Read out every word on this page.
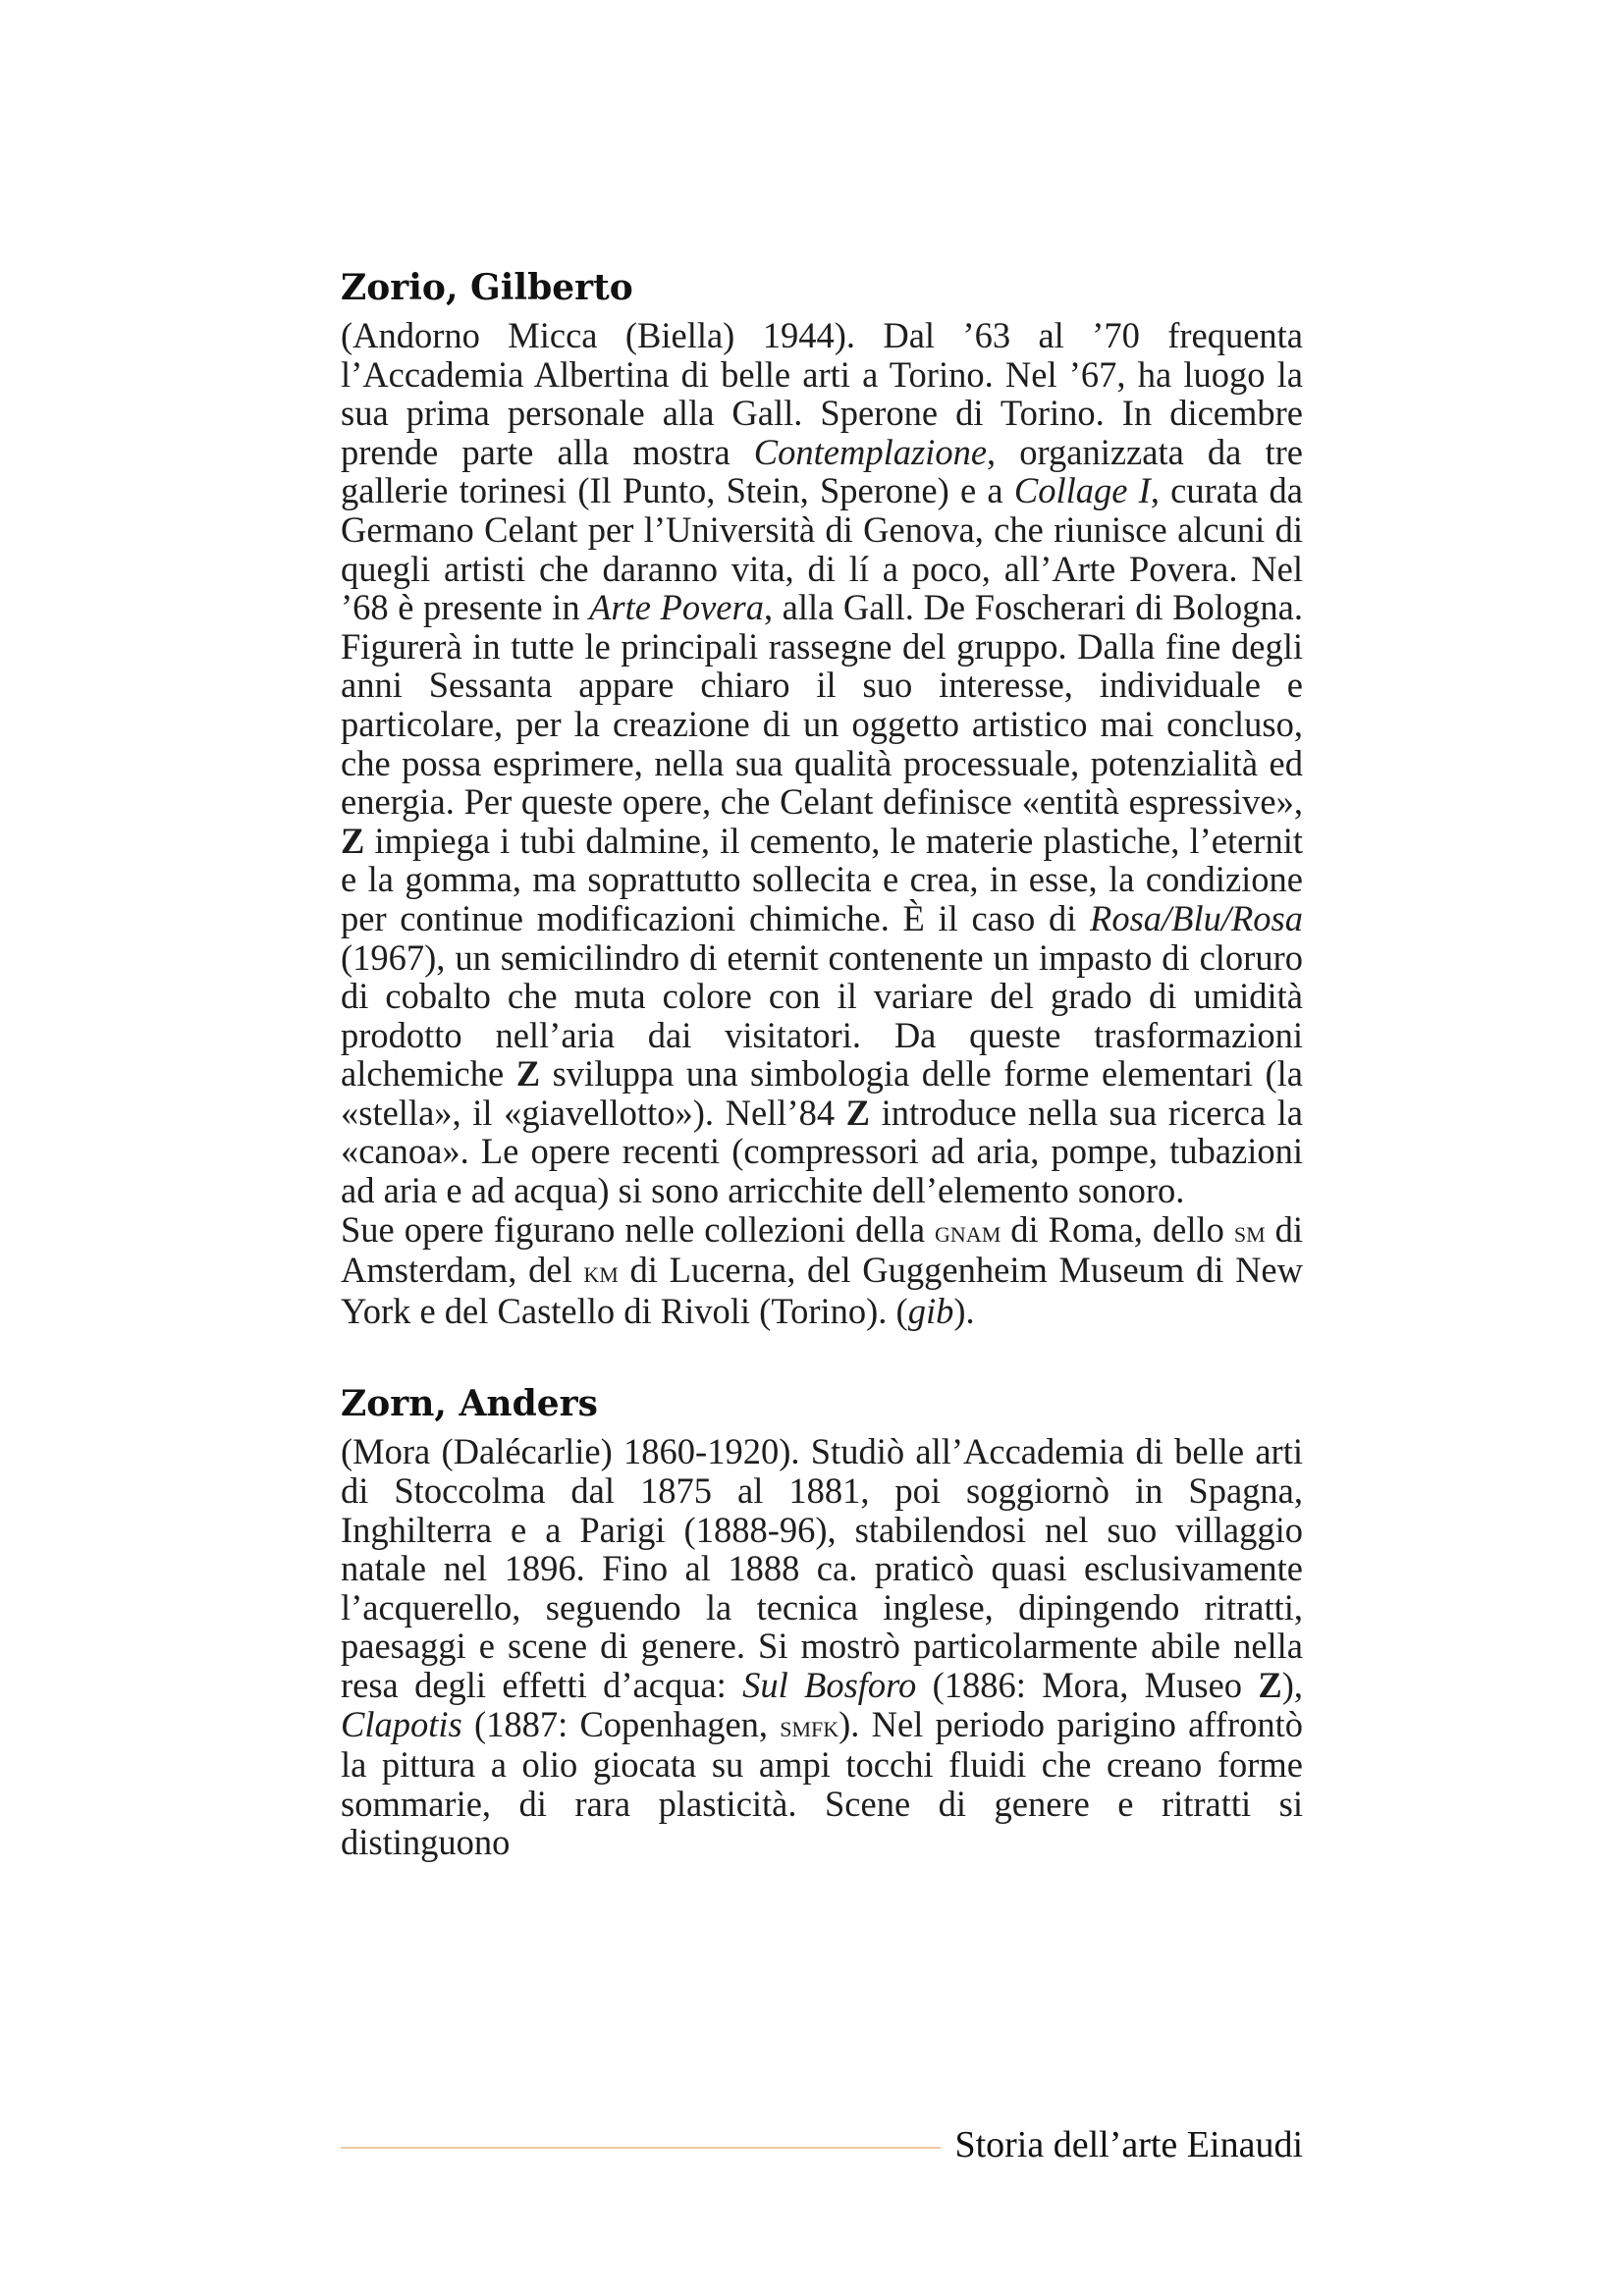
Zorio, Gilberto

(Andorno Micca (Biella) 1944). Dal ’63 al ’70 frequenta l’Accademia Albertina di belle arti a Torino. Nel ’67, ha luogo la sua prima personale alla Gall. Sperone di Torino. In dicembre prende parte alla mostra Contemplazione, organizzata da tre gallerie torinesi (Il Punto, Stein, Sperone) e a Collage I, curata da Germano Celant per l’Università di Genova, che riunisce alcuni di quegli artisti che daranno vita, di lí a poco, all’Arte Povera. Nel ’68 è presente in Arte Povera, alla Gall. De Foscherari di Bologna. Figurerà in tutte le principali rassegne del gruppo. Dalla fine degli anni Sessanta appare chiaro il suo interesse, individuale e particolare, per la creazione di un oggetto artistico mai concluso, che possa esprimere, nella sua qualità processuale, potenzialità ed energia. Per queste opere, che Celant definisce «entità espressive», Z impiega i tubi dalmine, il cemento, le materie plastiche, l’eternit e la gomma, ma soprattutto sollecita e crea, in esse, la condizione per continue modificazioni chimiche. È il caso di Rosa/Blu/Rosa (1967), un semicilindro di eternit contenente un impasto di cloruro di cobalto che muta colore con il variare del grado di umidità prodotto nell’aria dai visitatori. Da queste trasformazioni alchemiche Z sviluppa una simbologia delle forme elementari (la «stella», il «giavellotto»). Nell’84 Z introduce nella sua ricerca la «canoa». Le opere recenti (compressori ad aria, pompe, tubazioni ad aria e ad acqua) si sono arricchite dell’elemento sonoro.

Sue opere figurano nelle collezioni della gnam di Roma, dello sm di Amsterdam, del km di Lucerna, del Guggenheim Museum di New York e del Castello di Rivoli (Torino). (gib).

Zorn, Anders

(Mora (Dalécarlie) 1860-1920). Studiò all’Accademia di belle arti di Stoccolma dal 1875 al 1881, poi soggiornò in Spagna, Inghilterra e a Parigi (1888-96), stabilendosi nel suo villaggio natale nel 1896. Fino al 1888 ca. praticò quasi esclusivamente l’acquerello, seguendo la tecnica inglese, dipingendo ritratti, paesaggi e scene di genere. Si mostrò particolarmente abile nella resa degli effetti d’acqua: Sul Bosforo (1886: Mora, Museo Z), Clapotis (1887: Copenhagen, smfk). Nel periodo parigino affrontò la pittura a olio giocata su ampi tocchi fluidi che creano forme sommarie, di rara plasticità. Scene di genere e ritratti si distinguono

Storia dell’arte Einaudi
